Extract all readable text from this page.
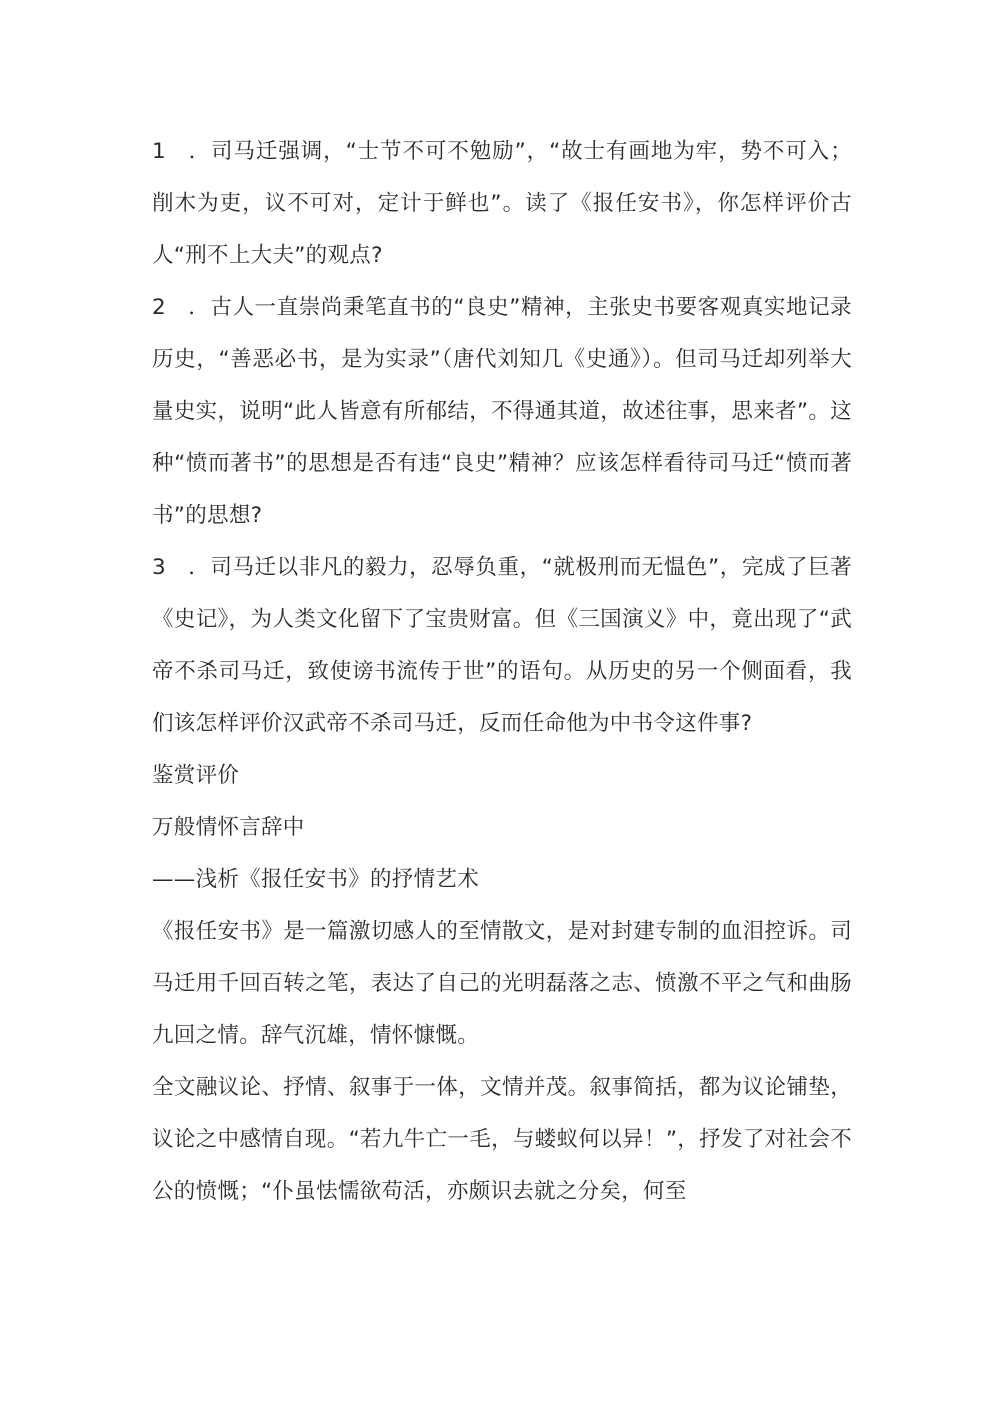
1 ．司马迁强调，“士节不可不勉励”，“故士有画地为牢，势不可入；削木为吏，议不可对，定计于鲜也”。读了《报任安书》，你怎样评价古人“刑不上大夫”的观点?

2 ．古人一直崇尚秉笔直书的“良史”精神，主张史书要客观真实地记录历史，“善恶必书，是为实录”（唐代刘知几《史通》）。但司马迁却列举大量史实，说明“此人皆意有所郁结，不得通其道，故述往事，思来者”。这种“愤而著书”的思想是否有违“良史”精神？应该怎样看待司马迁“愤而著书”的思想?

3 ．司马迁以非凡的毅力，忍辱负重，“就极刑而无愠色”，完成了巨著《史记》，为人类文化留下了宝贵财富。但《三国演义》中，竟出现了“武帝不杀司马迁，致使谤书流传于世”的语句。从历史的另一个侧面看，我们该怎样评价汉武帝不杀司马迁，反而任命他为中书令这件事?

鉴赏评价

万般情怀言辞中

——浅析《报任安书》的抒情艺术

《报任安书》是一篇激切感人的至情散文，是对封建专制的血泪控诉。司马迁用千回百转之笔，表达了自己的光明磊落之志、愤激不平之气和曲肠九回之情。辞气沉雄，情怀慷慨。

全文融议论、抒情、叙事于一体，文情并茂。叙事简括，都为议论铺垫，议论之中感情自现。“若九牛亡一毛，与蝼蚁何以异！”，抒发了对社会不公的愤慨；“仆虽怯懦欲苟活，亦颇识去就之分矣，何至
